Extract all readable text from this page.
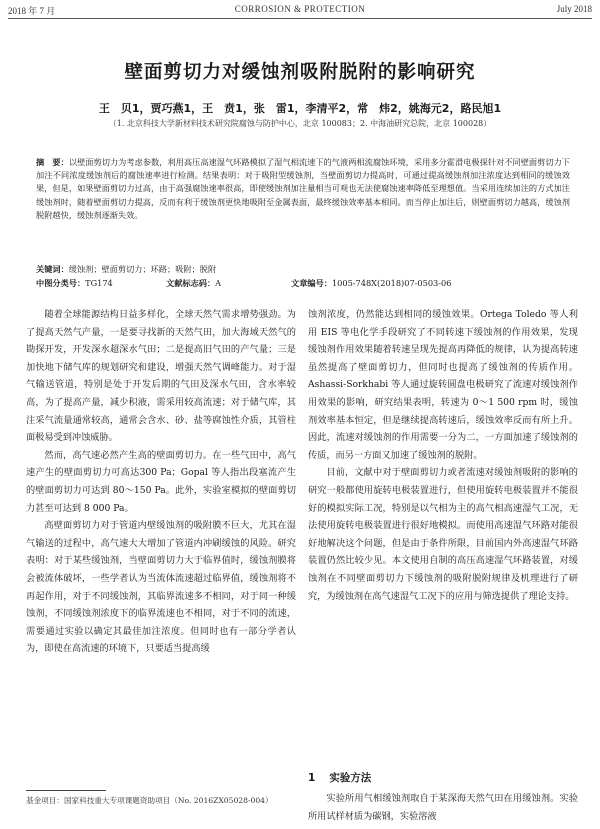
2018 年 7 月	CORROSION & PROTECTION	July 2018
壁面剪切力对缓蚀剂吸附脱附的影响研究
王　贝1，贾巧燕1，王　贲1，张　雷1，李清平2，常　炜2，姚海元2，路民旭1
（1. 北京科技大学新材料技术研究院腐蚀与防护中心，北京 100083；2. 中海油研究总院，北京 100028）
摘　要：以壁面剪切力为考虑参数，利用高压高速湿气环路模拟了湿气相流速下的气液两相流腐蚀环境，采用多分霍滑电极探针对不同壁面剪切力下加注不同浓度缓蚀剂后的腐蚀速率进行检测。结果表明：对于吸附型缓蚀剂，当壁面剪切力提高时，可通过提高缓蚀剂加注浓度达到相同的缓蚀效果，但是，如果壁面剪切力过高，由于高强腐蚀速率很高，即使缓蚀剂加注量相当可观也无法使腐蚀速率降低至理想值。当采用连续加注的方式加注缓蚀剂时，随着壁面剪切力提高，反而有利于缓蚀剂更快地吸附至金属表面，最终缓蚀效率基本相同。而当停止加注后，则壁面剪切力越高，缓蚀剂脱附越快，缓蚀剂逐渐失效。
关键词：缓蚀剂；壁面剪切力；环路；吸附；脱附
中图分类号：TG174	文献标志码：A	文章编号：1005-748X(2018)07-0503-06

随着全球能源结构日益多样化，全球天然气需求增势强劲。为了提高天然气产量，一是要寻找新的天然气田，加大海域天然气的勘探开发，开发深水超深水气田；二是提高旧气田的产气量；三是加快地下储气库的规划研究和建设，增强天然气调峰能力。对于湿气输送管道，特别是处于开发后期的气田及深水气田，含水率较高，为了提高产量，减少积液，需采用较高流速；对于储气库，其注采气流量通常较高，通常会含水、砂、盐等腐蚀性介质，其管柱面极易受到冲蚀威胁。

然而，高气速必然产生高的壁面剪切力。在一些气田中，高气速产生的壁面剪切力可高达300 Pa；Gopal 等人指出段塞流产生的壁面剪切力可达到 80～150 Pa。此外，实验室模拟的壁面剪切力甚至可达到 8 000 Pa。

高壁面剪切力对于管道内壁缓蚀剂的吸附膜不巨大，尤其在湿气输送的过程中，高气速大大增加了管道内冲刷缓蚀的风险。研究表明：对于某些缓蚀剂，当壁面剪切力大于临界值时，缓蚀剂膜将会被流体破坏，一些学者认为当流体流速超过临界值，缓蚀剂将不再起作用，对于不同缓蚀剂，其临界流速多不相同，对于同一种缓蚀剂，不同缓蚀剂浓度下的临界流速也不相同，对于不同的流速，需要通过实验以确定其最佳加注浓度。但同时也有一部分学者认为，即使在高流速的环境下，只要适当提高缓

蚀剂浓度，仍然能达到相同的缓蚀效果。Ortega Toledo 等人利用 EIS 等电化学手段研究了不同转速下缓蚀剂的作用效果，发现缓蚀剂作用效果随着转速呈现先提高再降低的规律，认为提高转速虽然提高了壁面剪切力，但同时也提高了缓蚀剂的传质作用。Ashassi-Sorkhabi 等人通过旋转圆盘电极研究了流速对缓蚀剂作用效果的影响，研究结果表明，转速为 0～1 500 rpm 时，缓蚀剂效率基本恒定，但是继续提高转速后，缓蚀效率反而有所上升。因此，流速对缓蚀剂的作用需要一分为二，一方面加速了缓蚀剂的传质，而另一方面又加速了缓蚀剂的脱附。

目前，文献中对于壁面剪切力或者流速对缓蚀剂吸附的影响的研究一般都使用旋转电极装置进行，但使用旋转电极装置并不能很好的模拟实际工况，特别是以气相为主的高气相高速湿气工况，无法使用旋转电极装置进行很好地模拟。而使用高速湿气环路对能很好地解决这个问题，但是由于条件所限，目前国内外高速湿气环路装置仍然比较少见。本文使用自制的高压高速湿气环路装置，对缓蚀剂在不同壁面剪切力下缓蚀剂的吸附脱附规律及机理进行了研究，为缓蚀剂在高气速湿气工况下的应用与筛选提供了理论支持。

1 实验方法

实验所用气相缓蚀剂取自于某深海天然气田在用缓蚀剂。实验所用试样材质为碳钢，实验溶液

基金项目：国家科技重大专项课题资助项目（No. 2016ZX05028-004）
